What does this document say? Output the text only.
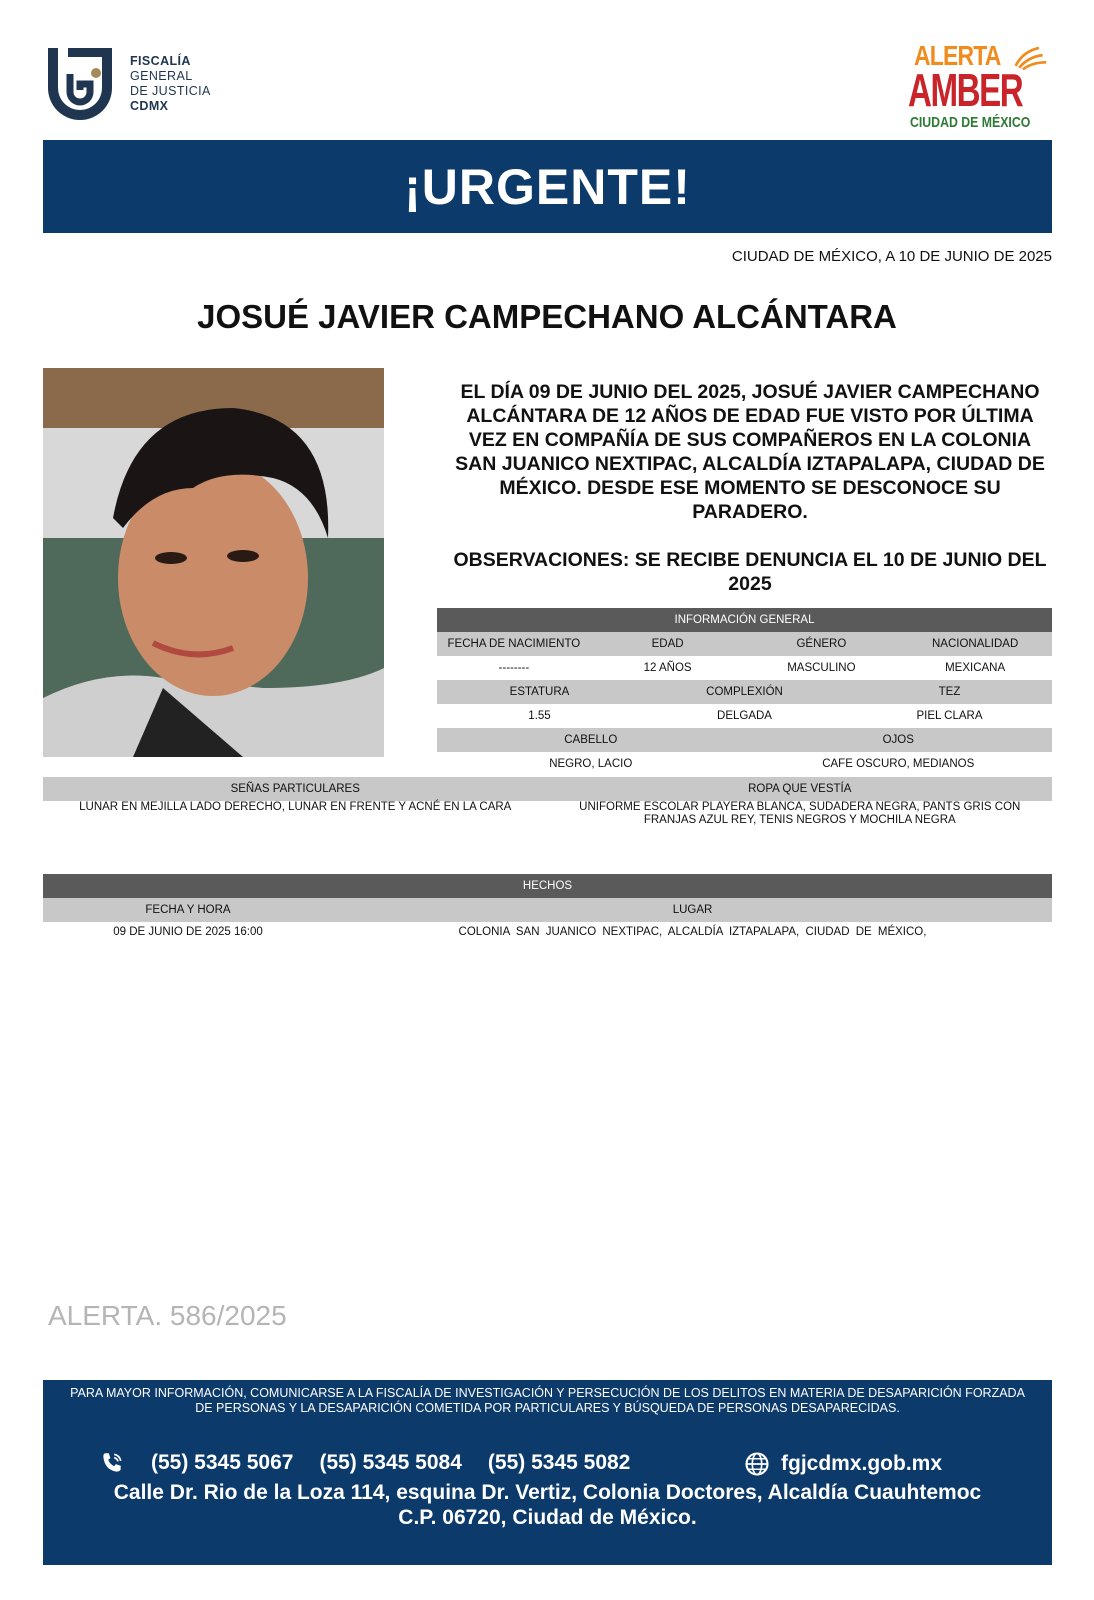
FISCALÍA
GENERAL
DE JUSTICIA
CDMX
ALERTA
AMBER
CIUDAD DE MÉXICO
¡URGENTE!
CIUDAD DE MÉXICO, A 10 DE JUNIO DE 2025
JOSUÉ JAVIER CAMPECHANO ALCÁNTARA
EL DÍA 09 DE JUNIO DEL 2025, JOSUÉ JAVIER CAMPECHANO ALCÁNTARA DE 12 AÑOS DE EDAD FUE VISTO POR ÚLTIMA VEZ EN COMPAÑÍA DE SUS COMPAÑEROS EN LA COLONIA SAN JUANICO NEXTIPAC, ALCALDÍA IZTAPALAPA, CIUDAD DE MÉXICO. DESDE ESE MOMENTO SE DESCONOCE SU PARADERO.
OBSERVACIONES: SE RECIBE DENUNCIA EL 10 DE JUNIO DEL 2025
INFORMACIÓN GENERAL
FECHA DE NACIMIENTO	EDAD	GÉNERO	NACIONALIDAD
--------	12 AÑOS	MASCULINO	MEXICANA
ESTATURA	COMPLEXIÓN	TEZ
1.55	DELGADA	PIEL CLARA
CABELLO	OJOS
NEGRO, LACIO	CAFE OSCURO, MEDIANOS
SEÑAS PARTICULARES	ROPA QUE VESTÍA
LUNAR EN MEJILLA LADO DERECHO, LUNAR EN FRENTE Y ACNÉ EN LA CARA	UNIFORME ESCOLAR PLAYERA BLANCA, SUDADERA NEGRA, PANTS GRIS CON FRANJAS AZUL REY, TENIS NEGROS Y MOCHILA NEGRA
HECHOS
FECHA Y HORA	LUGAR
09 DE JUNIO DE 2025 16:00	COLONIA SAN JUANICO NEXTIPAC, ALCALDÍA IZTAPALAPA, CIUDAD DE MÉXICO,
ALERTA. 586/2025
PARA MAYOR INFORMACIÓN, COMUNICARSE A LA FISCALÍA DE INVESTIGACIÓN Y PERSECUCIÓN DE LOS DELITOS EN MATERIA DE DESAPARICIÓN FORZADA DE PERSONAS Y LA DESAPARICIÓN COMETIDA POR PARTICULARES Y BÚSQUEDA DE PERSONAS DESAPARECIDAS.
(55) 5345 5067 (55) 5345 5084 (55) 5345 5082	fgjcdmx.gob.mx
Calle Dr. Rio de la Loza 114, esquina Dr. Vertiz, Colonia Doctores, Alcaldía Cuauhtemoc
C.P. 06720, Ciudad de México.
